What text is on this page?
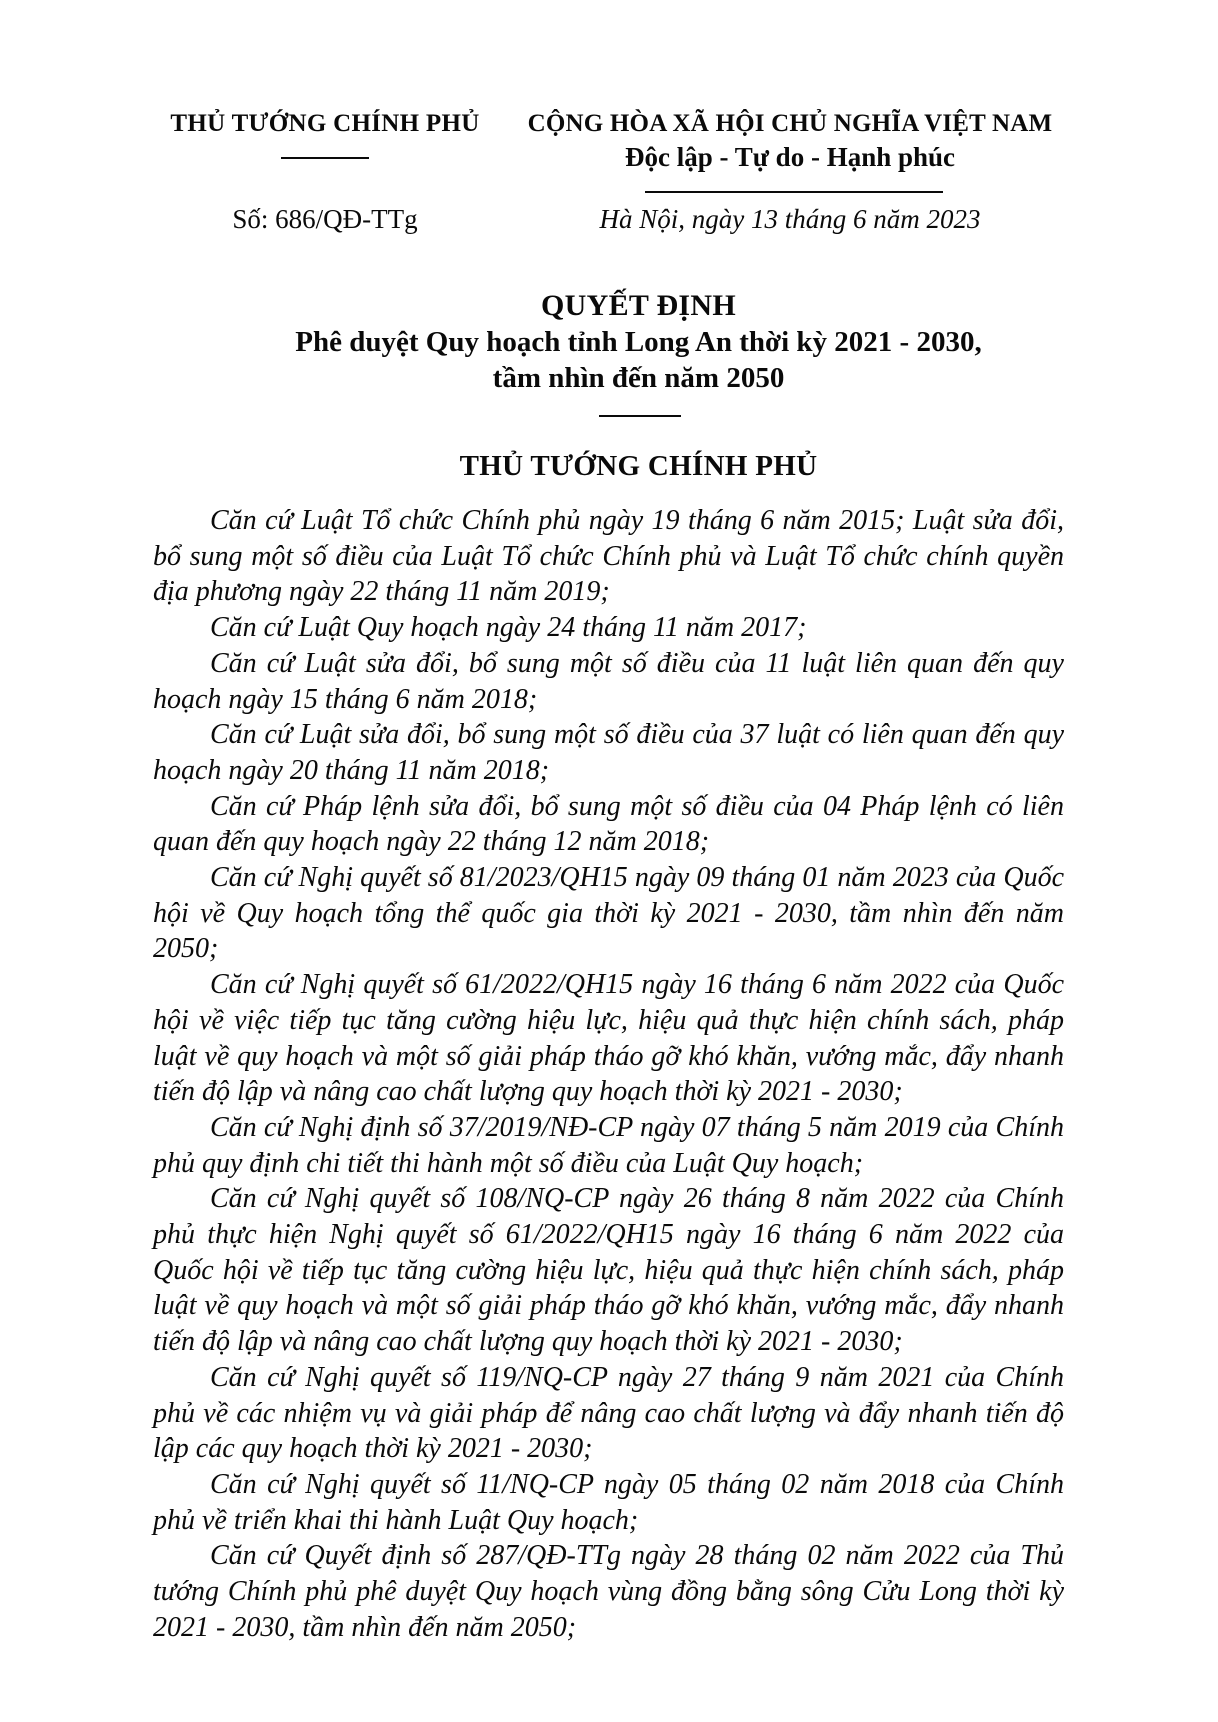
THỦ TƯỚNG CHÍNH PHỦ
Số: 686/QĐ-TTg
CỘNG HÒA XÃ HỘI CHỦ NGHĨA VIỆT NAM
Độc lập - Tự do - Hạnh phúc
Hà Nội, ngày 13 tháng 6 năm 2023
QUYẾT ĐỊNH
Phê duyệt Quy hoạch tỉnh Long An thời kỳ 2021 - 2030,
tầm nhìn đến năm 2050
THỦ TƯỚNG CHÍNH PHỦ

Căn cứ Luật Tổ chức Chính phủ ngày 19 tháng 6 năm 2015; Luật sửa đổi, bổ sung một số điều của Luật Tổ chức Chính phủ và Luật Tổ chức chính quyền địa phương ngày 22 tháng 11 năm 2019;

Căn cứ Luật Quy hoạch ngày 24 tháng 11 năm 2017;

Căn cứ Luật sửa đổi, bổ sung một số điều của 11 luật liên quan đến quy hoạch ngày 15 tháng 6 năm 2018;

Căn cứ Luật sửa đổi, bổ sung một số điều của 37 luật có liên quan đến quy hoạch ngày 20 tháng 11 năm 2018;

Căn cứ Pháp lệnh sửa đổi, bổ sung một số điều của 04 Pháp lệnh có liên quan đến quy hoạch ngày 22 tháng 12 năm 2018;

Căn cứ Nghị quyết số 81/2023/QH15 ngày 09 tháng 01 năm 2023 của Quốc hội về Quy hoạch tổng thể quốc gia thời kỳ 2021 - 2030, tầm nhìn đến năm 2050;

Căn cứ Nghị quyết số 61/2022/QH15 ngày 16 tháng 6 năm 2022 của Quốc hội về việc tiếp tục tăng cường hiệu lực, hiệu quả thực hiện chính sách, pháp luật về quy hoạch và một số giải pháp tháo gỡ khó khăn, vướng mắc, đẩy nhanh tiến độ lập và nâng cao chất lượng quy hoạch thời kỳ 2021 - 2030;

Căn cứ Nghị định số 37/2019/NĐ-CP ngày 07 tháng 5 năm 2019 của Chính phủ quy định chi tiết thi hành một số điều của Luật Quy hoạch;

Căn cứ Nghị quyết số 108/NQ-CP ngày 26 tháng 8 năm 2022 của Chính phủ thực hiện Nghị quyết số 61/2022/QH15 ngày 16 tháng 6 năm 2022 của Quốc hội về tiếp tục tăng cường hiệu lực, hiệu quả thực hiện chính sách, pháp luật về quy hoạch và một số giải pháp tháo gỡ khó khăn, vướng mắc, đẩy nhanh tiến độ lập và nâng cao chất lượng quy hoạch thời kỳ 2021 - 2030;

Căn cứ Nghị quyết số 119/NQ-CP ngày 27 tháng 9 năm 2021 của Chính phủ về các nhiệm vụ và giải pháp để nâng cao chất lượng và đẩy nhanh tiến độ lập các quy hoạch thời kỳ 2021 - 2030;

Căn cứ Nghị quyết số 11/NQ-CP ngày 05 tháng 02 năm 2018 của Chính phủ về triển khai thi hành Luật Quy hoạch;

Căn cứ Quyết định số 287/QĐ-TTg ngày 28 tháng 02 năm 2022 của Thủ tướng Chính phủ phê duyệt Quy hoạch vùng đồng bằng sông Cửu Long thời kỳ 2021 - 2030, tầm nhìn đến năm 2050;
